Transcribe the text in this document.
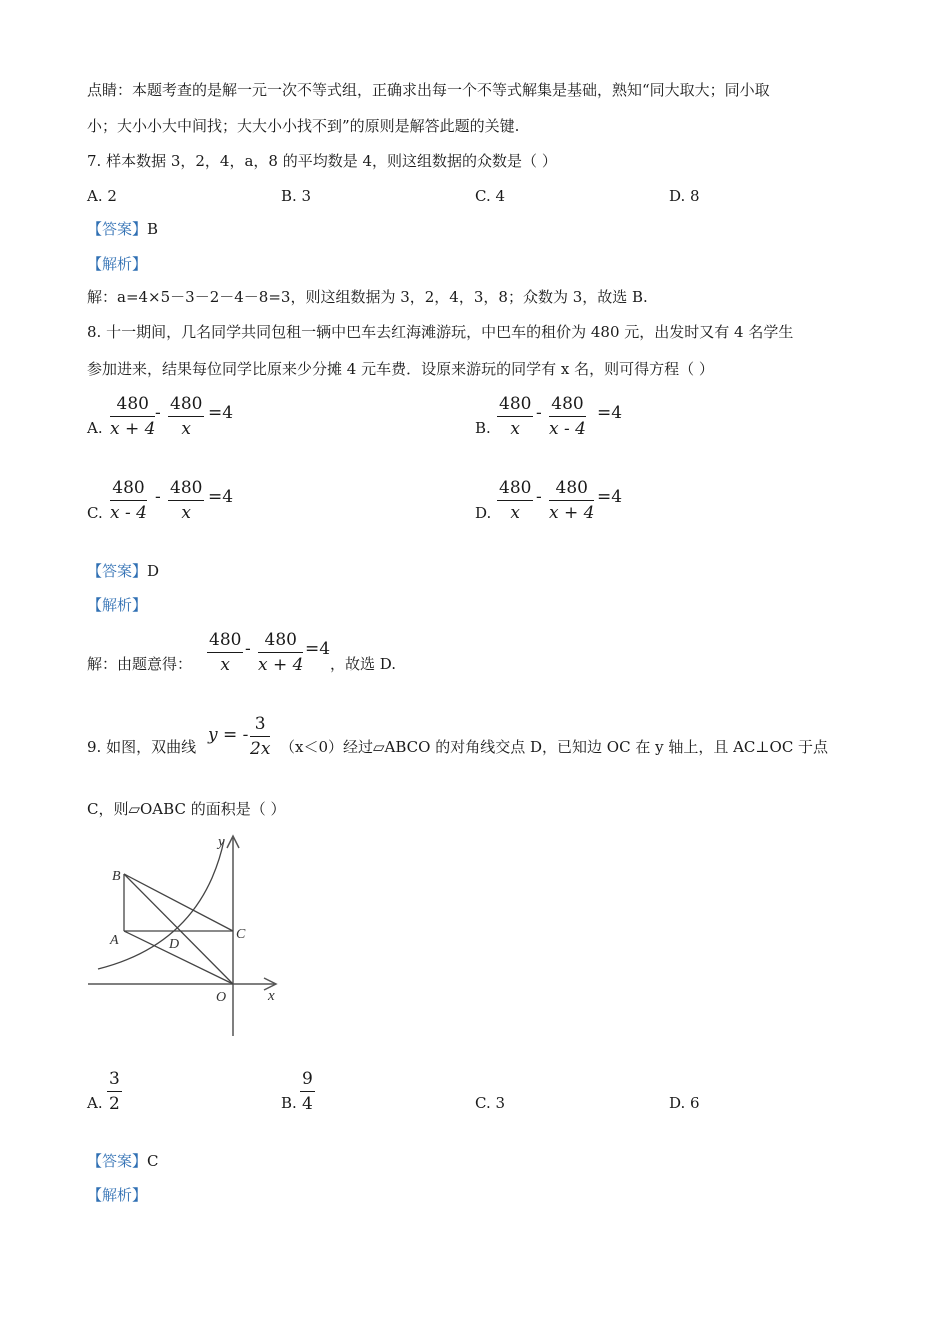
点睛：本题考查的是解一元一次不等式组，正确求出每一个不等式解集是基础，熟知“同大取大；同小取
小；大小小大中间找；大大小小找不到”的原则是解答此题的关键.
7. 样本数据 3，2，4，a，8 的平均数是 4，则这组数据的众数是（ ）
A. 2	B. 3	C. 4	D. 8
【答案】B
【解析】
解：a=4×5－3－2－4－8=3，则这组数据为 3，2，4，3，8；众数为 3，故选 B.
8. 十一期间，几名同学共同包租一辆中巴车去红海滩游玩，中巴车的租价为 480 元，出发时又有 4 名学生
参加进来，结果每位同学比原来少分摊 4 元车费．设原来游玩的同学有 x 名，则可得方程（ ）
A. $\frac{480}{x + 4} - \frac{480}{x} =4$
B. $\frac{480}{x} - \frac{480}{x - 4} =4$
C. $\frac{480}{x - 4} - \frac{480}{x} =4$
D. $\frac{480}{x} - \frac{480}{x + 4} =4$
【答案】D
【解析】
解：由题意得： $\frac{480}{x} - \frac{480}{x + 4} =4$
，故选 D.
9. 如图，双曲线
y = - $\frac{3}{2x} (x<0)$经过▱ABCO 的对角线交点 D，已知边 OC 在 y 轴上，且 AC⊥OC 于点
C，则▱OABC 的面积是（ ）
y
x
B
A	C
D
O
A. $\frac{3}{2}$	B. $\frac{9}{4}$	C. 3	D. 6
【答案】C
【解析】
